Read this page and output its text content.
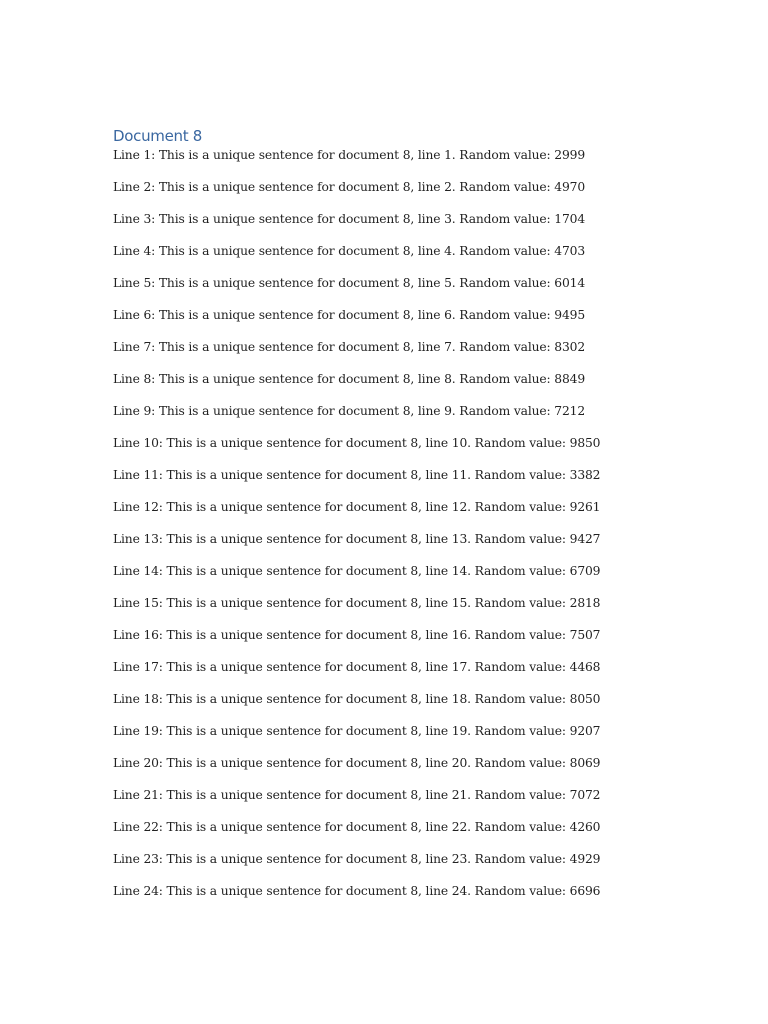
Document 8
Line 1: This is a unique sentence for document 8, line 1. Random value: 2999
Line 2: This is a unique sentence for document 8, line 2. Random value: 4970
Line 3: This is a unique sentence for document 8, line 3. Random value: 1704
Line 4: This is a unique sentence for document 8, line 4. Random value: 4703
Line 5: This is a unique sentence for document 8, line 5. Random value: 6014
Line 6: This is a unique sentence for document 8, line 6. Random value: 9495
Line 7: This is a unique sentence for document 8, line 7. Random value: 8302
Line 8: This is a unique sentence for document 8, line 8. Random value: 8849
Line 9: This is a unique sentence for document 8, line 9. Random value: 7212
Line 10: This is a unique sentence for document 8, line 10. Random value: 9850
Line 11: This is a unique sentence for document 8, line 11. Random value: 3382
Line 12: This is a unique sentence for document 8, line 12. Random value: 9261
Line 13: This is a unique sentence for document 8, line 13. Random value: 9427
Line 14: This is a unique sentence for document 8, line 14. Random value: 6709
Line 15: This is a unique sentence for document 8, line 15. Random value: 2818
Line 16: This is a unique sentence for document 8, line 16. Random value: 7507
Line 17: This is a unique sentence for document 8, line 17. Random value: 4468
Line 18: This is a unique sentence for document 8, line 18. Random value: 8050
Line 19: This is a unique sentence for document 8, line 19. Random value: 9207
Line 20: This is a unique sentence for document 8, line 20. Random value: 8069
Line 21: This is a unique sentence for document 8, line 21. Random value: 7072
Line 22: This is a unique sentence for document 8, line 22. Random value: 4260
Line 23: This is a unique sentence for document 8, line 23. Random value: 4929
Line 24: This is a unique sentence for document 8, line 24. Random value: 6696
